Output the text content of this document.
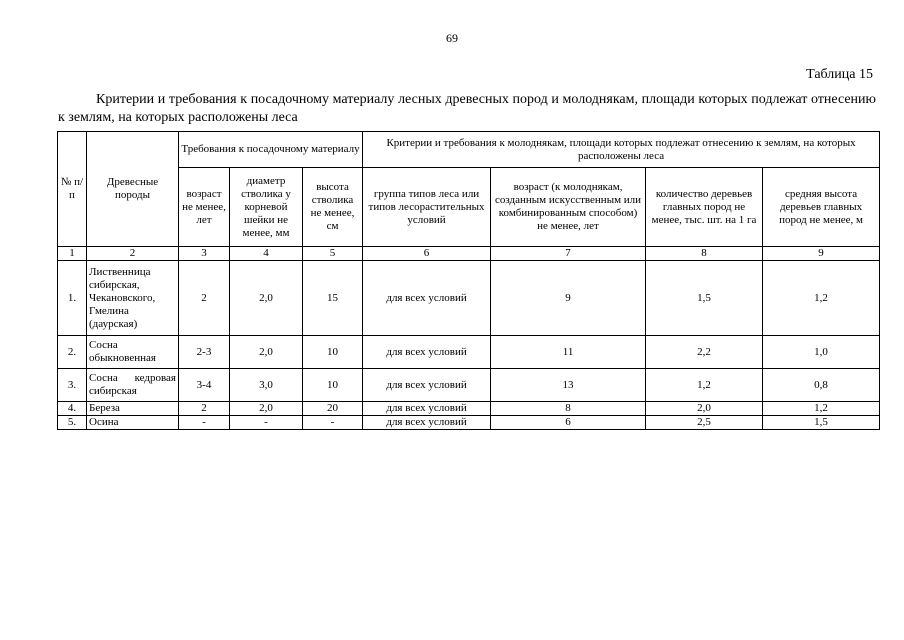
69
Таблица 15
Критерии и требования к посадочному материалу лесных древесных пород и молоднякам, площади которых подлежат отнесению к землям, на которых расположены леса
№ п/п	Древесные породы	Требования к посадочному материалу			Критерии и требования к молоднякам, площади которых подлежат отнесению к землям, на которых расположены леса			
		возраст не менее, лет	диаметр стволика у корневой шейки не менее, мм	высота стволика не менее, см	группа типов леса или типов лесорастительных условий	возраст (к молоднякам, созданным искусственным или комбинированным способом) не менее, лет	количество деревьев главных пород не менее, тыс. шт. на 1 га	средняя высота деревьев главных пород не менее, м
1	2	3	4	5	6	7	8	9
1.	Лиственница сибирская, Чекановского, Гмелина (даурская)	2	2,0	15	для всех условий	9	1,5	1,2
2.	Сосна обыкновенная	2-3	2,0	10	для всех условий	11	2,2	1,0
3.	Сосна кедровая сибирская	3-4	3,0	10	для всех условий	13	1,2	0,8
4.	Береза	2	2,0	20	для всех условий	8	2,0	1,2
5.	Осина	-	-	-	для всех условий	6	2,5	1,5
